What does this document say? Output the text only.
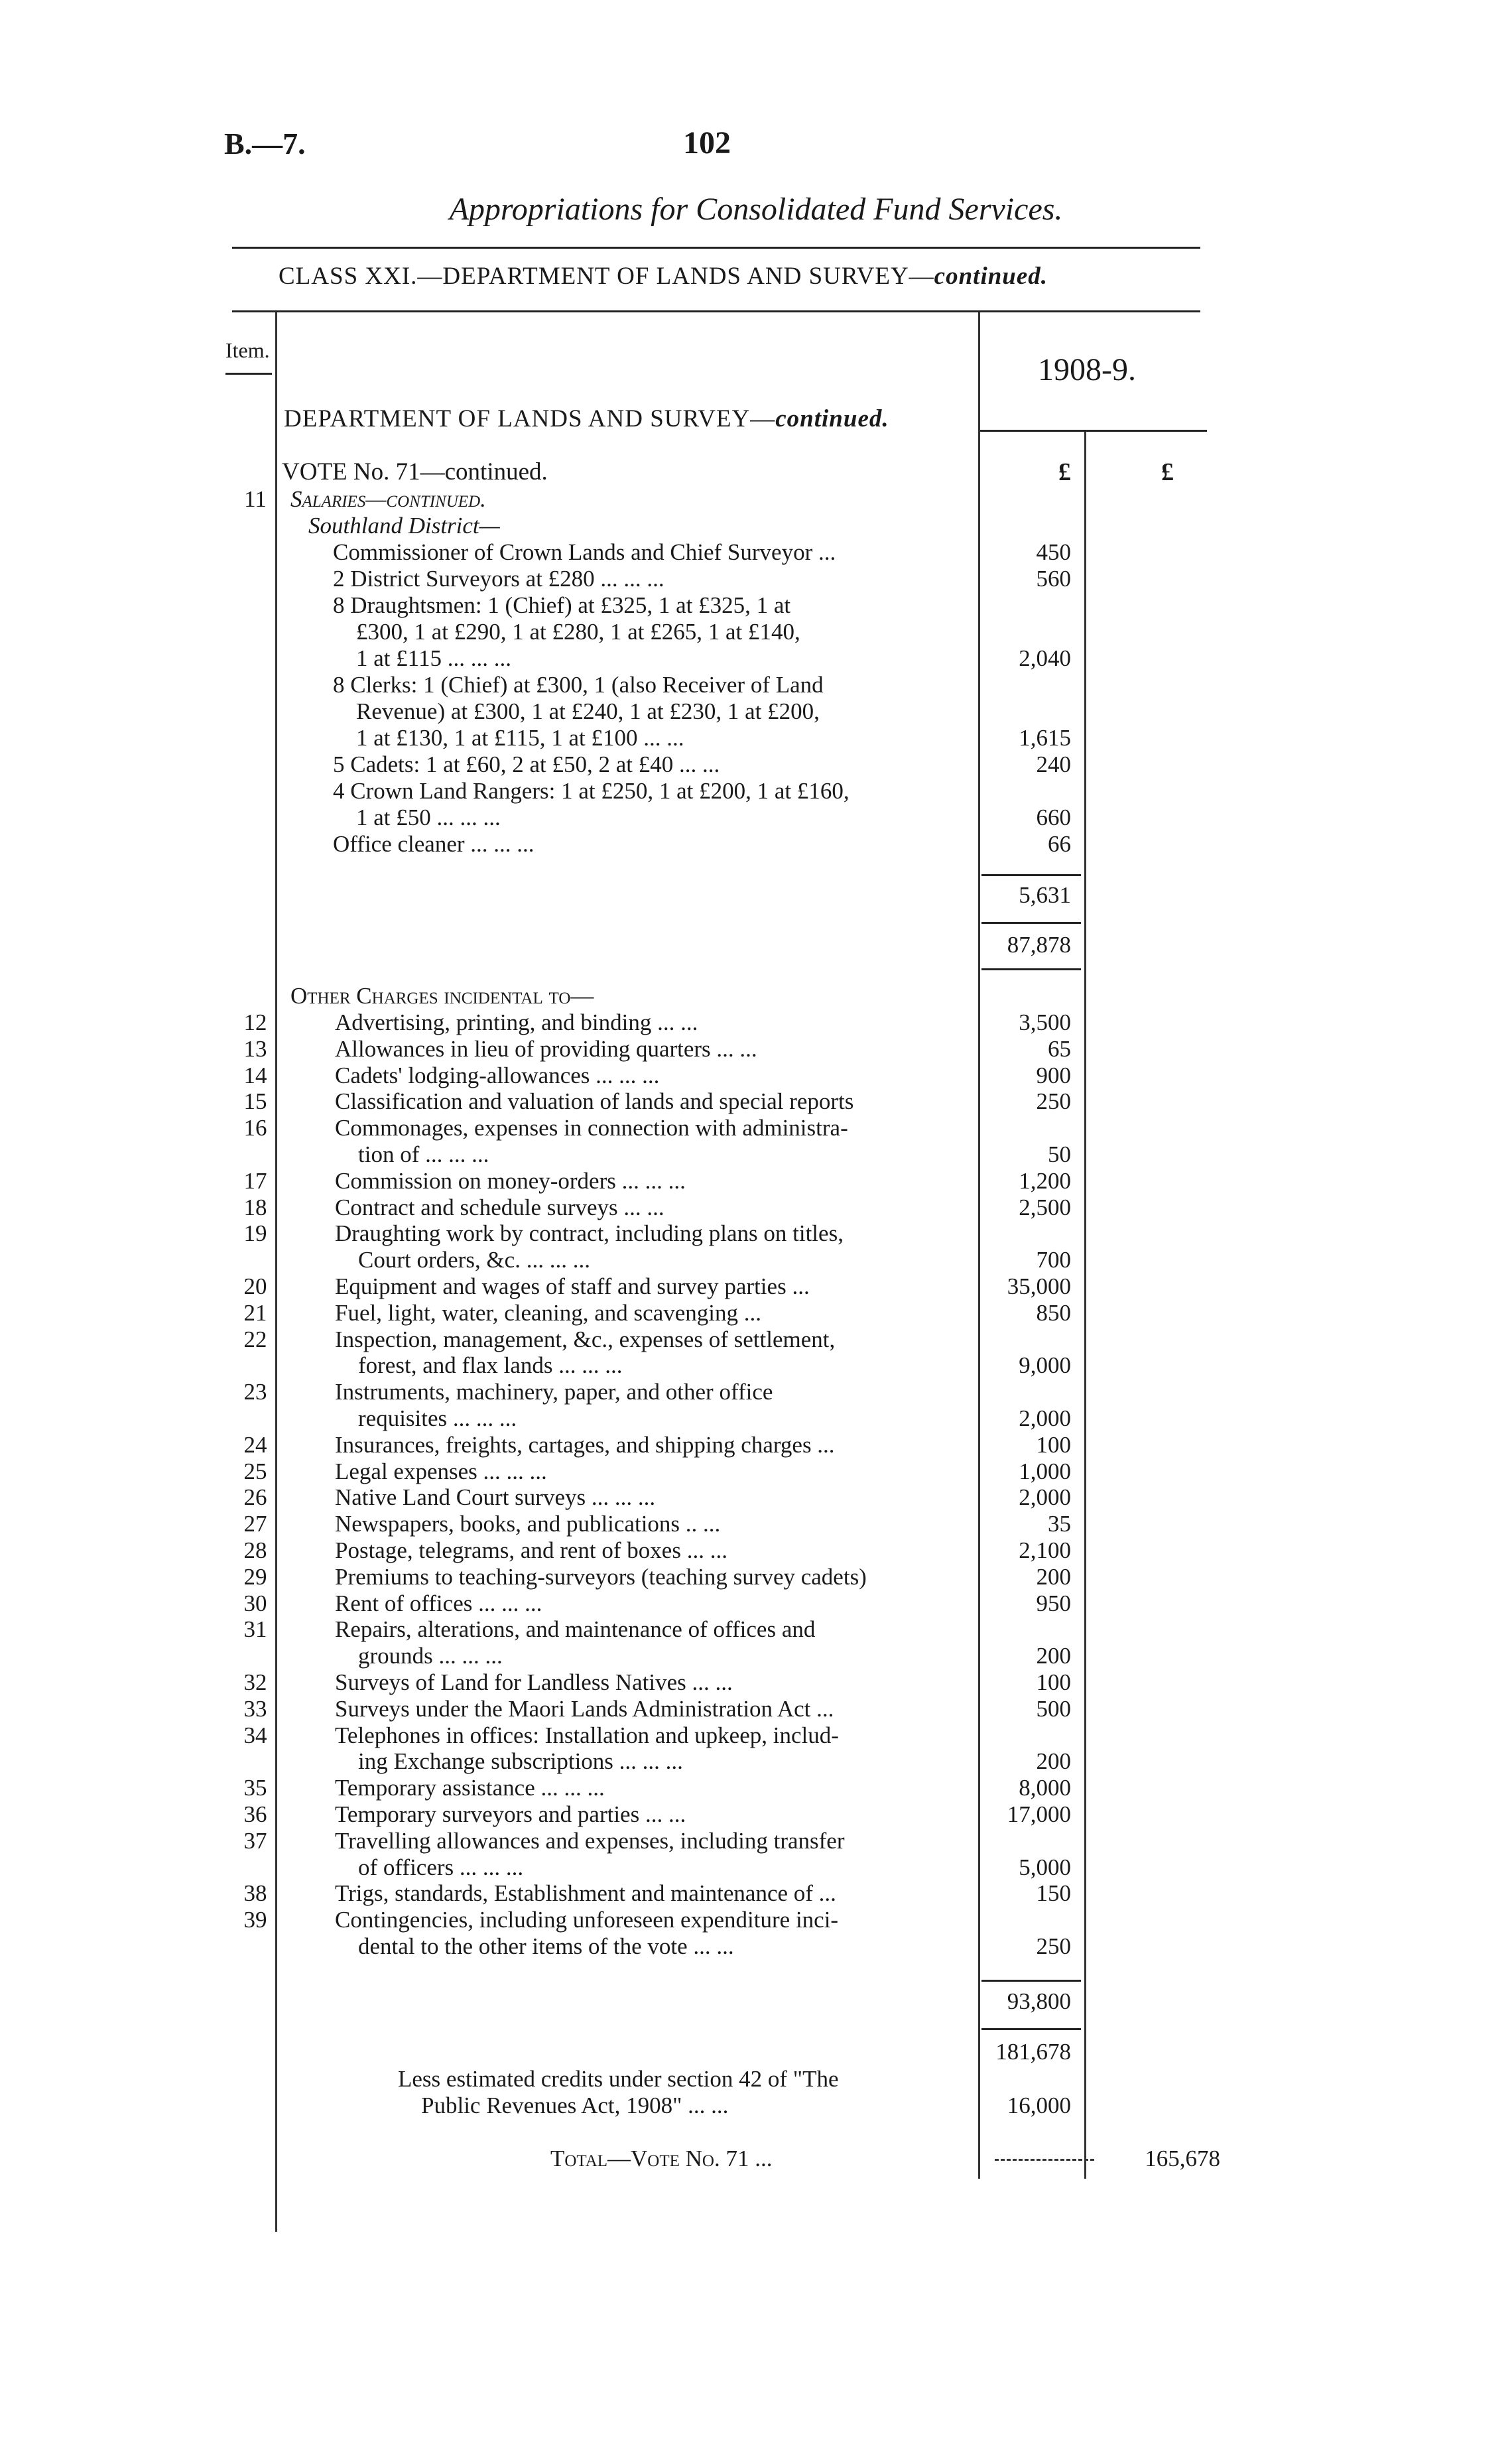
B.—7.	102
Appropriations for Consolidated Fund Services.
CLASS XXI.—DEPARTMENT OF LANDS AND SURVEY—continued.
Item.
1908-9.
DEPARTMENT OF LANDS AND SURVEY—continued.
VOTE No. 71—continued.	£	£
11	Salaries—continued.
Southland District—
Commissioner of Crown Lands and Chief Surveyor ...	450
2 District Surveyors at £280 ... ... ...	560
8 Draughtsmen: 1 (Chief) at £325, 1 at £325, 1 at
£300, 1 at £290, 1 at £280, 1 at £265, 1 at £140,
1 at £115 ... ... ...	2,040
8 Clerks: 1 (Chief) at £300, 1 (also Receiver of Land
Revenue) at £300, 1 at £240, 1 at £230, 1 at £200,
1 at £130, 1 at £115, 1 at £100 ... ...	1,615
5 Cadets: 1 at £60, 2 at £50, 2 at £40 ... ...	240
4 Crown Land Rangers: 1 at £250, 1 at £200, 1 at £160,
1 at £50 ... ... ...	660
Office cleaner ... ... ...	66
5,631
87,878
Other Charges incidental to—
12	Advertising, printing, and binding ... ...	3,500
13	Allowances in lieu of providing quarters ... ...	65
14	Cadets' lodging-allowances ... ... ...	900
15	Classification and valuation of lands and special reports	250
16	Commonages, expenses in connection with administra-
tion of ... ... ...	50
17	Commission on money-orders ... ... ...	1,200
18	Contract and schedule surveys ... ...	2,500
19	Draughting work by contract, including plans on titles,
Court orders, &c. ... ... ...	700
20	Equipment and wages of staff and survey parties ...	35,000
21	Fuel, light, water, cleaning, and scavenging ...	850
22	Inspection, management, &c., expenses of settlement,
forest, and flax lands ... ... ...	9,000
23	Instruments, machinery, paper, and other office
requisites ... ... ...	2,000
24	Insurances, freights, cartages, and shipping charges ...	100
25	Legal expenses ... ... ...	1,000
26	Native Land Court surveys ... ... ...	2,000
27	Newspapers, books, and publications .. ...	35
28	Postage, telegrams, and rent of boxes ... ...	2,100
29	Premiums to teaching-surveyors (teaching survey cadets)	200
30	Rent of offices ... ... ...	950
31	Repairs, alterations, and maintenance of offices and
grounds ... ... ...	200
32	Surveys of Land for Landless Natives ... ...	100
33	Surveys under the Maori Lands Administration Act ...	500
34	Telephones in offices: Installation and upkeep, includ-
ing Exchange subscriptions ... ... ...	200
35	Temporary assistance ... ... ...	8,000
36	Temporary surveyors and parties ... ...	17,000
37	Travelling allowances and expenses, including transfer
of officers ... ... ...	5,000
38	Trigs, standards, Establishment and maintenance of ...	150
39	Contingencies, including unforeseen expenditure inci-
dental to the other items of the vote ... ...	250
93,800
181,678
Less estimated credits under section 42 of "The
Public Revenues Act, 1908" ... ...	16,000
Total—Vote No. 71 ...	165,678
